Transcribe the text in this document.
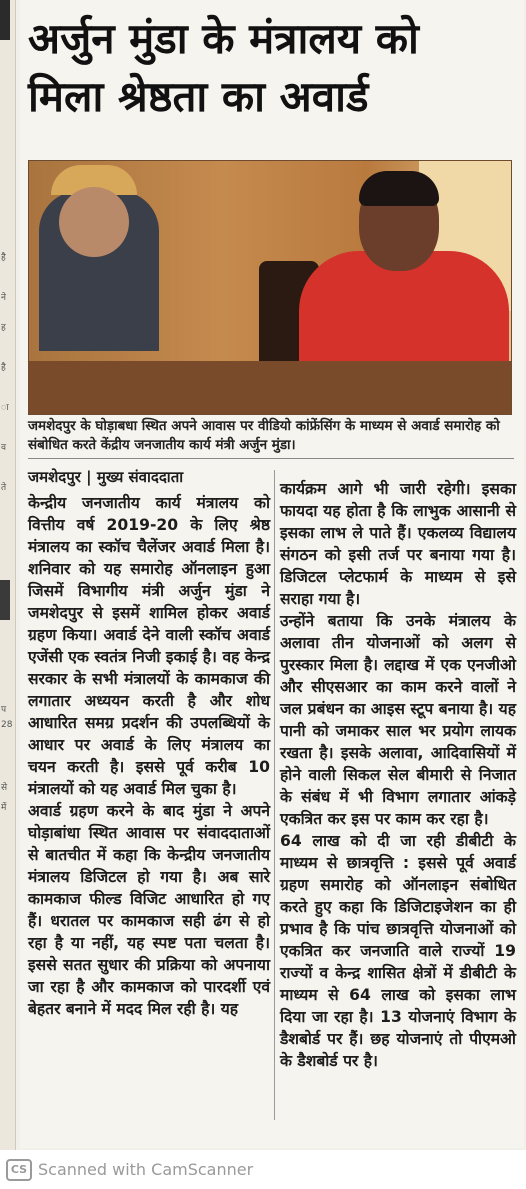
है
ने
ह
है
ा
व
ते
प
28
से
में
अर्जुन मुंडा के मंत्रालय को
मिला श्रेष्ठता का अवार्ड
जमशेदपुर के घोड़ाबधा स्थित अपने आवास पर वीडियो कांफ्रेंसिंग के माध्यम से अवार्ड समारोह को संबोधित करते केंद्रीय जनजातीय कार्य मंत्री अर्जुन मुंडा।
जमशेदपुर | मुख्य संवाददाता
केन्द्रीय जनजातीय कार्य मंत्रालय को वित्तीय वर्ष 2019-20 के लिए श्रेष्ठ मंत्रालय का स्कॉच चैलेंजर अवार्ड मिला है। शनिवार को यह समारोह ऑनलाइन हुआ जिसमें विभागीय मंत्री अर्जुन मुंडा ने जमशेदपुर से इसमें शामिल होकर अवार्ड ग्रहण किया। अवार्ड देने वाली स्कॉच अवार्ड एजेंसी एक स्वतंत्र निजी इकाई है। वह केन्द्र सरकार के सभी मंत्रालयों के कामकाज की लगातार अध्ययन करती है और शोध आधारित समग्र प्रदर्शन की उपलब्धियों के आधार पर अवार्ड के लिए मंत्रालय का चयन करती है। इससे पूर्व करीब 10 मंत्रालयों को यह अवार्ड मिल चुका है।
अवार्ड ग्रहण करने के बाद मुंडा ने अपने घोड़ाबांधा स्थित आवास पर संवाददाताओं से बातचीत में कहा कि केन्द्रीय जनजातीय मंत्रालय डिजिटल हो गया है। अब सारे कामकाज फील्ड विजिट आधारित हो गए हैं। धरातल पर कामकाज सही ढंग से हो रहा है या नहीं, यह स्पष्ट पता चलता है। इससे सतत सुधार की प्रक्रिया को अपनाया जा रहा है और कामकाज को पारदर्शी एवं बेहतर बनाने में मदद मिल रही है। यह
कार्यक्रम आगे भी जारी रहेगी। इसका फायदा यह होता है कि लाभुक आसानी से इसका लाभ ले पाते हैं। एकलव्य विद्यालय संगठन को इसी तर्ज पर बनाया गया है। डिजिटल प्लेटफार्म के माध्यम से इसे सराहा गया है।
उन्होंने बताया कि उनके मंत्रालय के अलावा तीन योजनाओं को अलग से पुरस्कार मिला है। लद्दाख में एक एनजीओ और सीएसआर का काम करने वालों ने जल प्रबंधन का आइस स्टूप बनाया है। यह पानी को जमाकर साल भर प्रयोग लायक रखता है। इसके अलावा, आदिवासियों में होने वाली सिकल सेल बीमारी से निजात के संबंध में भी विभाग लगातार आंकड़े एकत्रित कर इस पर काम कर रहा है।
64 लाख को दी जा रही डीबीटी के माध्यम से छात्रवृत्ति : इससे पूर्व अवार्ड ग्रहण समारोह को ऑनलाइन संबोधित करते हुए कहा कि डिजिटाइजेशन का ही प्रभाव है कि पांच छात्रवृत्ति योजनाओं को एकत्रित कर जनजाति वाले राज्यों 19 राज्यों व केन्द्र शासित क्षेत्रों में डीबीटी के माध्यम से 64 लाख को इसका लाभ दिया जा रहा है। 13 योजनाएं विभाग के डैशबोर्ड पर हैं। छह योजनाएं तो पीएमओ के डैशबोर्ड पर है।
CS Scanned with CamScanner
